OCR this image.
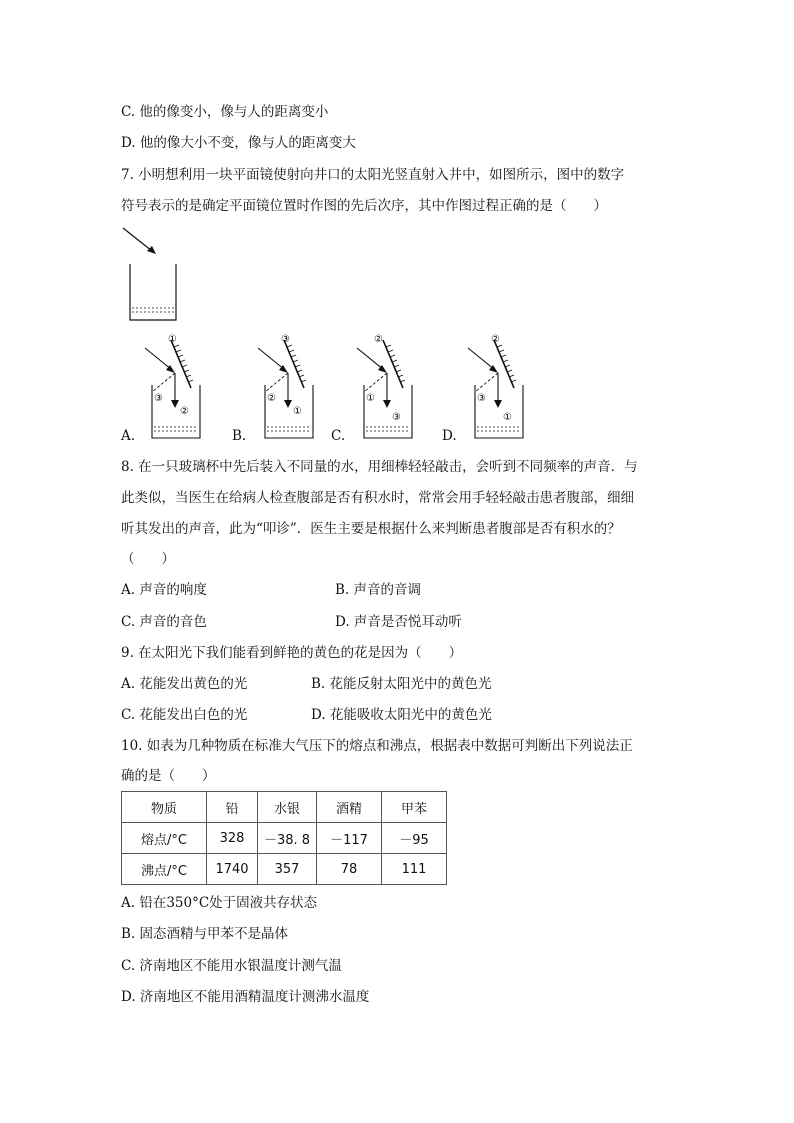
C. 他的像变小，像与人的距离变小
D. 他的像大小不变，像与人的距离变大
7. 小明想利用一块平面镜使射向井口的太阳光竖直射入井中，如图所示，图中的数字
符号表示的是确定平面镜位置时作图的先后次序，其中作图过程正确的是（　　）
①
③
②
A.
③
②
①
B.
②
①
③
C.
②
③
①
D.
8. 在一只玻璃杯中先后装入不同量的水，用细棒轻轻敲击，会听到不同频率的声音．与
此类似，当医生在给病人检查腹部是否有积水时，常常会用手轻轻敲击患者腹部，细细
听其发出的声音，此为“叩诊”．医生主要是根据什么来判断患者腹部是否有积水的？
（　　）
A. 声音的响度	B. 声音的音调
C. 声音的音色	D. 声音是否悦耳动听
9. 在太阳光下我们能看到鲜艳的黄色的花是因为（　　）
A. 花能发出黄色的光	B. 花能反射太阳光中的黄色光
C. 花能发出白色的光	D. 花能吸收太阳光中的黄色光
10. 如表为几种物质在标准大气压下的熔点和沸点，根据表中数据可判断出下列说法正
确的是（　　）
物质	铅	水银	酒精	甲苯
熔点/°C	328	－38. 8	－117	－95
沸点/°C	1740	357	78	111
A. 铅在350°C处于固液共存状态
B. 固态酒精与甲苯不是晶体
C. 济南地区不能用水银温度计测气温
D. 济南地区不能用酒精温度计测沸水温度
